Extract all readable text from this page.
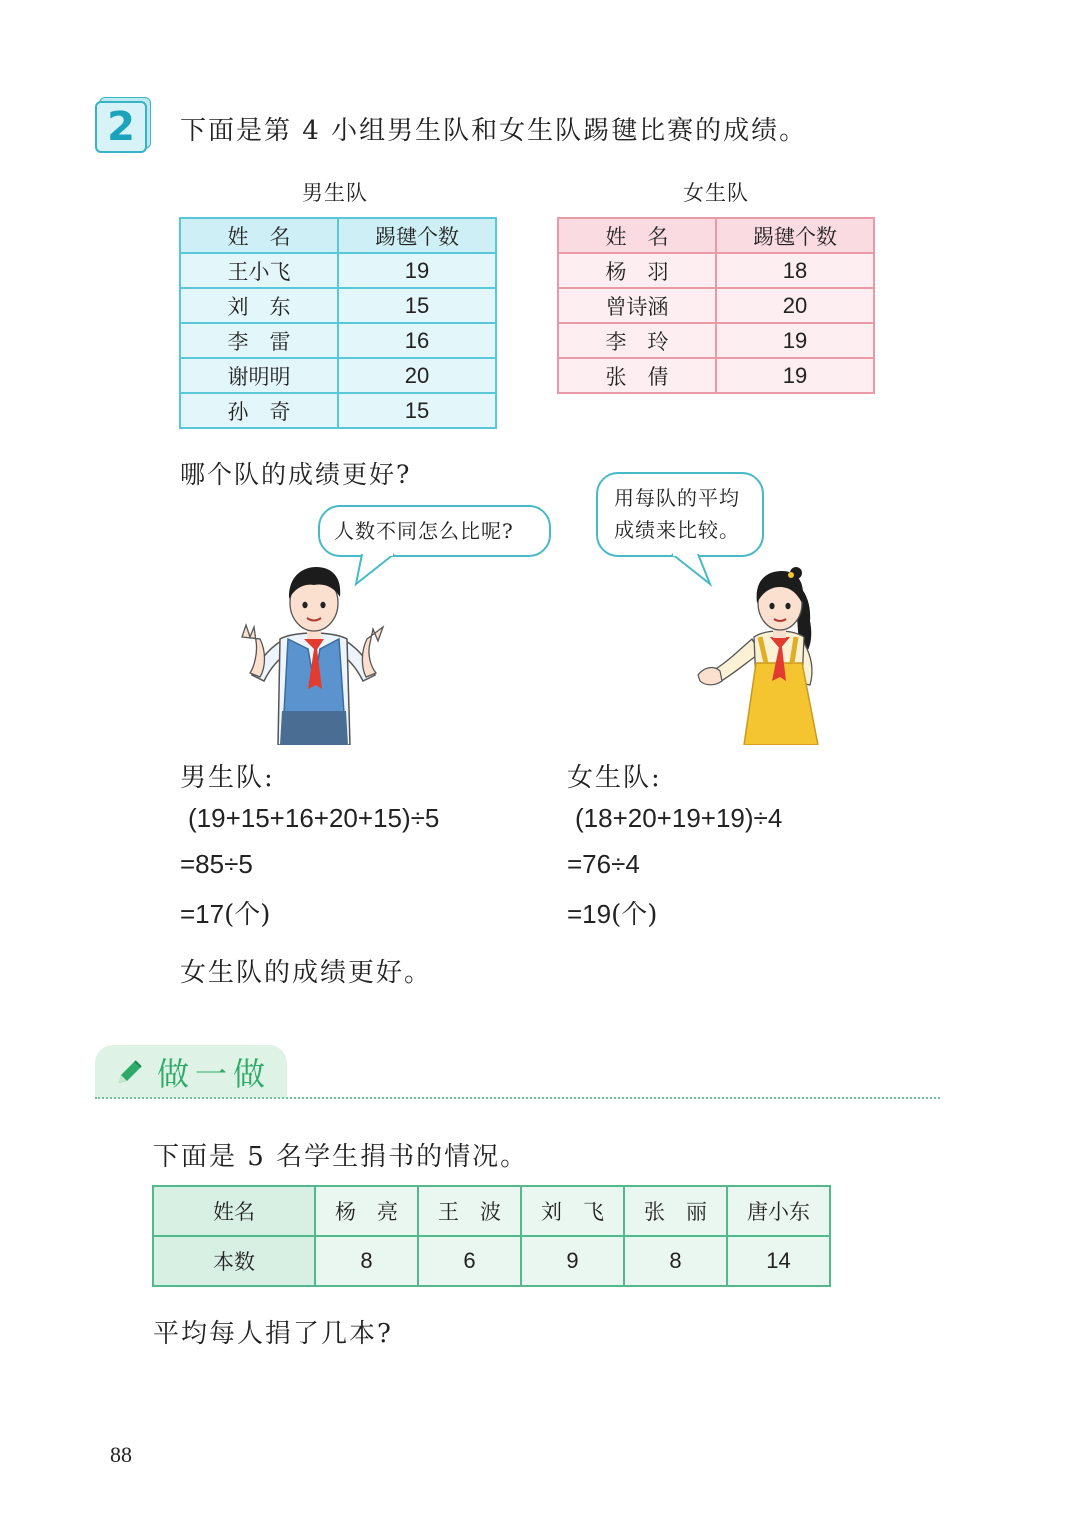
2	下面是第 4 小组男生队和女生队踢毽比赛的成绩。
男生队	女生队
姓　名	踢毽个数
王小飞	19
刘　东	15
李　雷	16
谢明明	20
孙　奇	15
姓　名	踢毽个数
杨　羽	18
曾诗涵	20
李　玲	19
张　倩	19
哪个队的成绩更好?
人数不同怎么比呢?
用每队的平均
成绩来比较。
男生队:
(19+15+16+20+15)÷5
=85÷5
=17(个)
女生队:
(18+20+19+19)÷4
=76÷4
=19(个)
女生队的成绩更好。
做一做
下面是 5 名学生捐书的情况。
姓名	杨　亮	王　波	刘　飞	张　丽	唐小东
本数	8	6	9	8	14
平均每人捐了几本?
88
